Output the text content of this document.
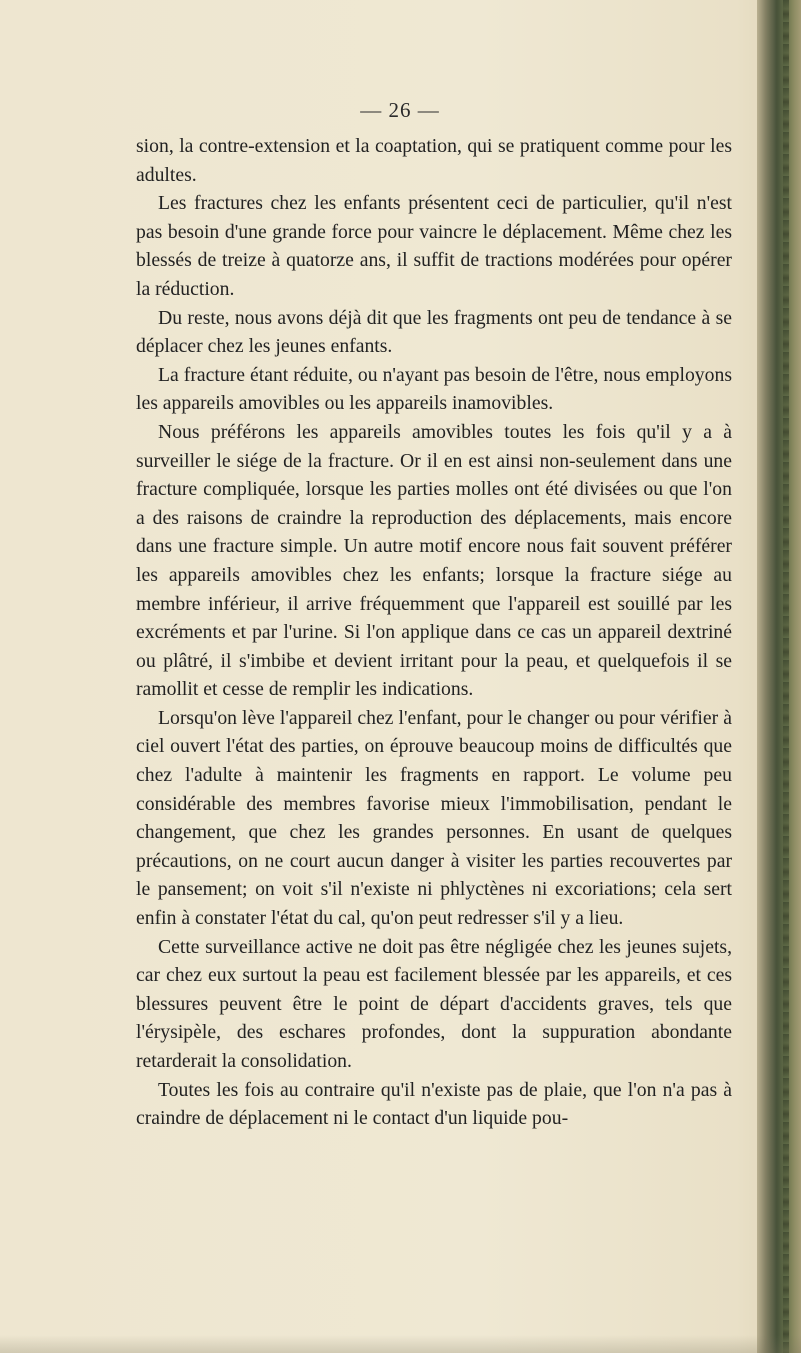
— 26 —

sion, la contre-extension et la coaptation, qui se pratiquent comme pour les adultes.

Les fractures chez les enfants présentent ceci de particulier, qu'il n'est pas besoin d'une grande force pour vaincre le déplacement. Même chez les blessés de treize à quatorze ans, il suffit de tractions modérées pour opérer la réduction.

Du reste, nous avons déjà dit que les fragments ont peu de tendance à se déplacer chez les jeunes enfants.

La fracture étant réduite, ou n'ayant pas besoin de l'être, nous employons les appareils amovibles ou les appareils inamovibles.

Nous préférons les appareils amovibles toutes les fois qu'il y a à surveiller le siége de la fracture. Or il en est ainsi non-seulement dans une fracture compliquée, lorsque les parties molles ont été divisées ou que l'on a des raisons de craindre la reproduction des déplacements, mais encore dans une fracture simple. Un autre motif encore nous fait souvent préférer les appareils amovibles chez les enfants; lorsque la fracture siége au membre inférieur, il arrive fréquemment que l'appareil est souillé par les excréments et par l'urine. Si l'on applique dans ce cas un appareil dextriné ou plâtré, il s'imbibe et devient irritant pour la peau, et quelquefois il se ramollit et cesse de remplir les indications.

Lorsqu'on lève l'appareil chez l'enfant, pour le changer ou pour vérifier à ciel ouvert l'état des parties, on éprouve beaucoup moins de difficultés que chez l'adulte à maintenir les fragments en rapport. Le volume peu considérable des membres favorise mieux l'immobilisation, pendant le changement, que chez les grandes personnes. En usant de quelques précautions, on ne court aucun danger à visiter les parties recouvertes par le pansement; on voit s'il n'existe ni phlyctènes ni excoriations; cela sert enfin à constater l'état du cal, qu'on peut redresser s'il y a lieu.

Cette surveillance active ne doit pas être négligée chez les jeunes sujets, car chez eux surtout la peau est facilement blessée par les appareils, et ces blessures peuvent être le point de départ d'accidents graves, tels que l'érysipèle, des eschares profondes, dont la suppuration abondante retarderait la consolidation.

Toutes les fois au contraire qu'il n'existe pas de plaie, que l'on n'a pas à craindre de déplacement ni le contact d'un liquide pou-
